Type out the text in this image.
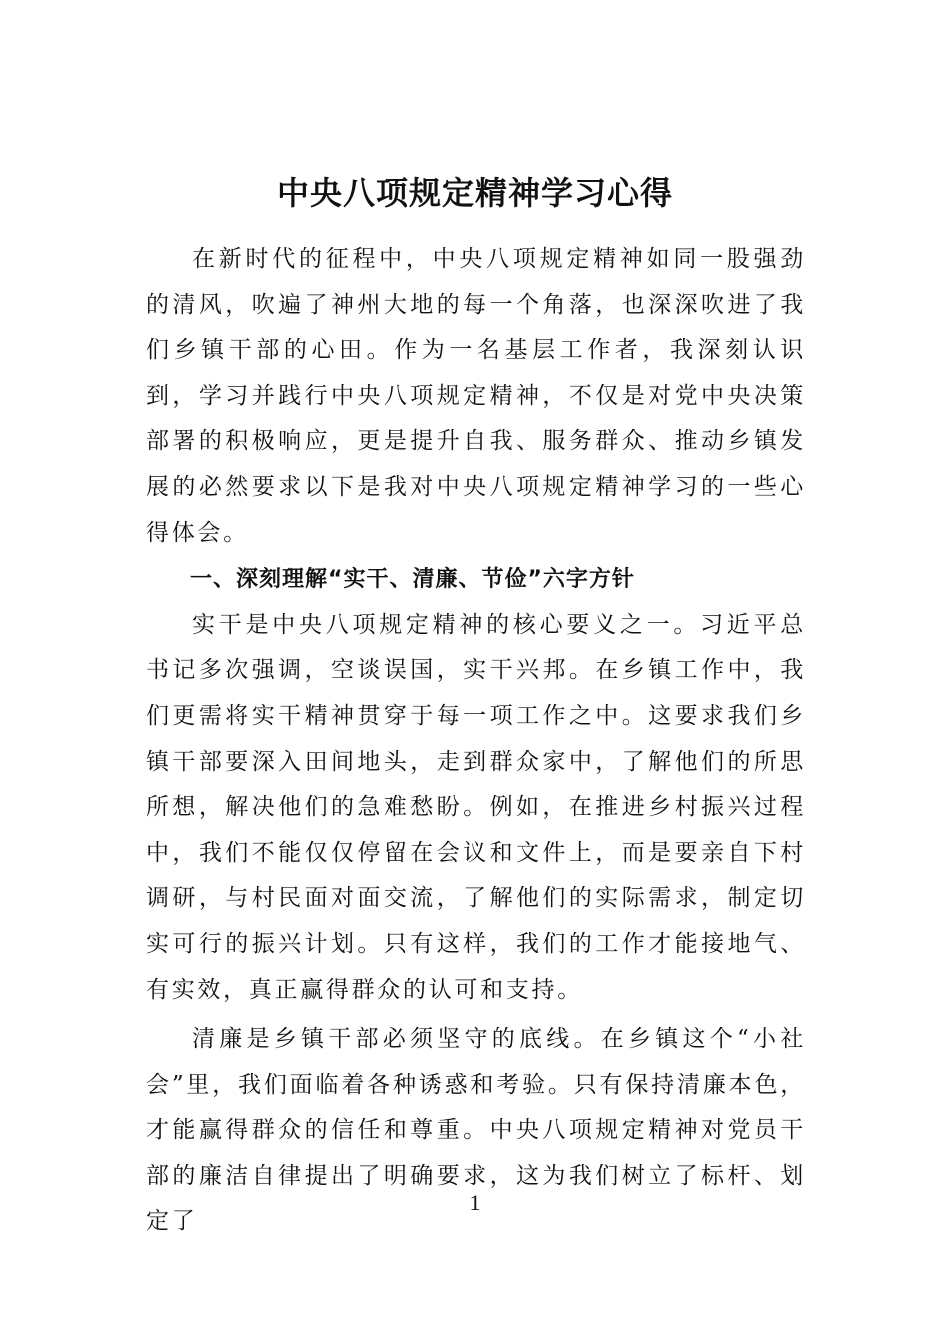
中央八项规定精神学习心得

在新时代的征程中，中央八项规定精神如同一股强劲的清风，吹遍了神州大地的每一个角落，也深深吹进了我们乡镇干部的心田。作为一名基层工作者，我深刻认识到，学习并践行中央八项规定精神，不仅是对党中央决策部署的积极响应，更是提升自我、服务群众、推动乡镇发展的必然要求以下是我对中央八项规定精神学习的一些心得体会。

一、深刻理解“实干、清廉、节俭”六字方针

实干是中央八项规定精神的核心要义之一。习近平总书记多次强调，空谈误国，实干兴邦。在乡镇工作中，我们更需将实干精神贯穿于每一项工作之中。这要求我们乡镇干部要深入田间地头，走到群众家中，了解他们的所思所想，解决他们的急难愁盼。例如，在推进乡村振兴过程中，我们不能仅仅停留在会议和文件上，而是要亲自下村调研，与村民面对面交流，了解他们的实际需求，制定切实可行的振兴计划。只有这样，我们的工作才能接地气、有实效，真正赢得群众的认可和支持。

清廉是乡镇干部必须坚守的底线。在乡镇这个“小社会”里，我们面临着各种诱惑和考验。只有保持清廉本色，才能赢得群众的信任和尊重。中央八项规定精神对党员干部的廉洁自律提出了明确要求，这为我们树立了标杆、划定了

1
